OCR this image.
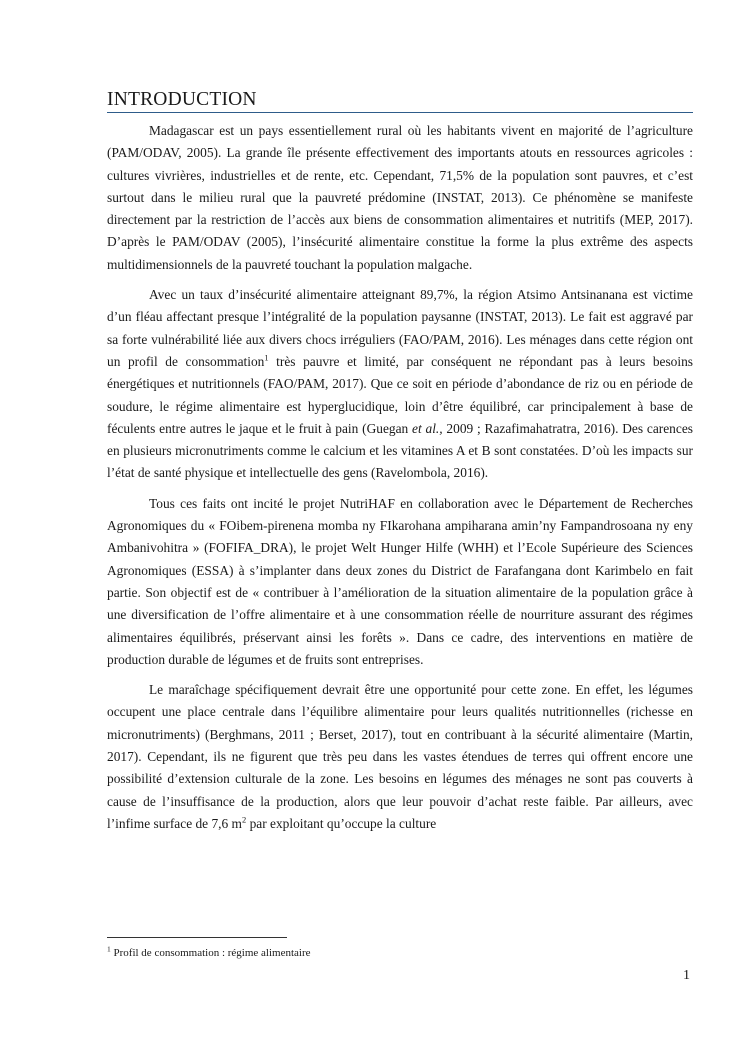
INTRODUCTION

Madagascar est un pays essentiellement rural où les habitants vivent en majorité de l’agriculture (PAM/ODAV, 2005). La grande île présente effectivement des importants atouts en ressources agricoles : cultures vivrières, industrielles et de rente, etc. Cependant, 71,5% de la population sont pauvres, et c’est surtout dans le milieu rural que la pauvreté prédomine (INSTAT, 2013). Ce phénomène se manifeste directement par la restriction de l’accès aux biens de consommation alimentaires et nutritifs (MEP, 2017). D’après le PAM/ODAV (2005), l’insécurité alimentaire constitue la forme la plus extrême des aspects multidimensionnels de la pauvreté touchant la population malgache.

Avec un taux d’insécurité alimentaire atteignant 89,7%, la région Atsimo Antsinanana est victime d’un fléau affectant presque l’intégralité de la population paysanne (INSTAT, 2013). Le fait est aggravé par sa forte vulnérabilité liée aux divers chocs irréguliers (FAO/PAM, 2016). Les ménages dans cette région ont un profil de consommation$^1$ très pauvre et limité, par conséquent ne répondant pas à leurs besoins énergétiques et nutritionnels (FAO/PAM, 2017). Que ce soit en période d’abondance de riz ou en période de soudure, le régime alimentaire est hyperglucidique, loin d’être équilibré, car principalement à base de féculents entre autres le jaque et le fruit à pain (Guegan et al., 2009 ; Razafimahatratra, 2016). Des carences en plusieurs micronutriments comme le calcium et les vitamines A et B sont constatées. D’où les impacts sur l’état de santé physique et intellectuelle des gens (Ravelombola, 2016).

Tous ces faits ont incité le projet NutriHAF en collaboration avec le Département de Recherches Agronomiques du « FOibem-pirenena momba ny FIkarohana ampiharana amin’ny Fampandrosoana ny eny Ambanivohitra » (FOFIFA_DRA), le projet Welt Hunger Hilfe (WHH) et l’Ecole Supérieure des Sciences Agronomiques (ESSA) à s’implanter dans deux zones du District de Farafangana dont Karimbelo en fait partie. Son objectif est de « contribuer à l’amélioration de la situation alimentaire de la population grâce à une diversification de l’offre alimentaire et à une consommation réelle de nourriture assurant des régimes alimentaires équilibrés, préservant ainsi les forêts ». Dans ce cadre, des interventions en matière de production durable de légumes et de fruits sont entreprises.

Le maraîchage spécifiquement devrait être une opportunité pour cette zone. En effet, les légumes occupent une place centrale dans l’équilibre alimentaire pour leurs qualités nutritionnelles (richesse en micronutriments) (Berghmans, 2011 ; Berset, 2017), tout en contribuant à la sécurité alimentaire (Martin, 2017). Cependant, ils ne figurent que très peu dans les vastes étendues de terres qui offrent encore une possibilité d’extension culturale de la zone. Les besoins en légumes des ménages ne sont pas couverts à cause de l’insuffisance de la production, alors que leur pouvoir d’achat reste faible. Par ailleurs, avec l’infime surface de 7,6 $m^2$ par exploitant qu’occupe la culture

$^1$ Profil de consommation : régime alimentaire
1
